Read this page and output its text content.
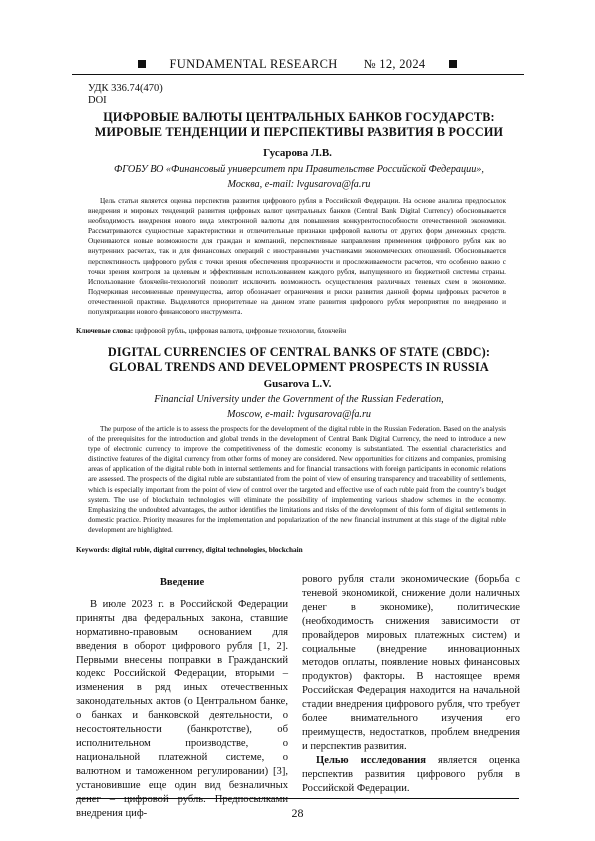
FUNDAMENTAL RESEARCH № 12, 2024
УДК 336.74(470)
DOI
ЦИФРОВЫЕ ВАЛЮТЫ ЦЕНТРАЛЬНЫХ БАНКОВ ГОСУДАРСТВ:
МИРОВЫЕ ТЕНДЕНЦИИ И ПЕРСПЕКТИВЫ РАЗВИТИЯ В РОССИИ
Гусарова Л.В.
ФГОБУ ВО «Финансовый университет при Правительстве Российской Федерации»,
Москва, e-mail: lvgusarova@fa.ru
Цель статьи является оценка перспектив развития цифрового рубля в Российской Федерации. На основе анализа предпосылок внедрения и мировых тенденций развития цифровых валют центральных банков (Central Bank Digital Currency) обосновывается необходимость внедрения нового вида электронной валюты для повышения конкурентоспособности отечественной экономики. Рассматриваются сущностные характеристики и отличительные признаки цифровой валюты от других форм денежных средств. Оцениваются новые возможности для граждан и компаний, перспективные направления применения цифрового рубля как во внутренних расчетах, так и для финансовых операций с иностранными участниками экономических отношений. Обосновывается перспективность цифрового рубля с точки зрения обеспечения прозрачности и прослеживаемости расчетов, что особенно важно с точки зрения контроля за целевым и эффективным использованием каждого рубля, выпущенного из бюджетной системы страны. Использование блокчейн-технологий позволит исключить возможность осуществления различных теневых схем в экономике. Подчеркивая несомненные преимущества, автор обозначает ограничения и риски развития данной формы цифровых расчетов в отечественной практике. Выделяются приоритетные на данном этапе развития цифрового рубля мероприятия по внедрению и популяризации нового финансового инструмента.
Ключевые слова: цифровой рубль, цифровая валюта, цифровые технологии, блокчейн
DIGITAL CURRENCIES OF CENTRAL BANKS OF STATE (CBDC):
GLOBAL TRENDS AND DEVELOPMENT PROSPECTS IN RUSSIA
Gusarova L.V.
Financial University under the Government of the Russian Federation,
Moscow, e-mail: lvgusarova@fa.ru
The purpose of the article is to assess the prospects for the development of the digital ruble in the Russian Federation. Based on the analysis of the prerequisites for the introduction and global trends in the development of Central Bank Digital Currency, the need to introduce a new type of electronic currency to improve the competitiveness of the domestic economy is substantiated. The essential characteristics and distinctive features of the digital currency from other forms of money are considered. New opportunities for citizens and companies, promising areas of application of the digital ruble both in internal settlements and for financial transactions with foreign participants in economic relations are assessed. The prospects of the digital ruble are substantiated from the point of view of ensuring transparency and traceability of settlements, which is especially important from the point of view of control over the targeted and effective use of each ruble paid from the country’s budget system. The use of blockchain technologies will eliminate the possibility of implementing various shadow schemes in the economy. Emphasizing the undoubted advantages, the author identifies the limitations and risks of the development of this form of digital settlements in domestic practice. Priority measures for the implementation and popularization of the new financial instrument at this stage of the digital ruble development are highlighted.
Keywords: digital ruble, digital currency, digital technologies, blockchain
Введение

В июле 2023 г. в Российской Федерации приняты два федеральных закона, ставшие нормативно-правовым основанием для введения в оборот цифрового рубля [1, 2]. Первыми внесены поправки в Гражданский кодекс Российской Федерации, вторыми – изменения в ряд иных отечественных законодательных актов (о Центральном банке, о банках и банковской деятельности, о несостоятельности (банкротстве), об исполнительном производстве, о национальной платежной системе, о валютном и таможенном регулировании) [3], установившие еще один вид безналичных денег – цифровой рубль. Предпосылками внедрения циф-

рового рубля стали экономические (борьба с теневой экономикой, снижение доли наличных денег в экономике), политические (необходимость снижения зависимости от провайдеров мировых платежных систем) и социальные (внедрение инновационных методов оплаты, появление новых финансовых продуктов) факторы. В настоящее время Российская Федерация находится на начальной стадии внедрения цифрового рубля, что требует более внимательного изучения его преимуществ, недостатков, проблем внедрения и перспектив развития.

Целью исследования является оценка перспектив развития цифрового рубля в Российской Федерации.

28
